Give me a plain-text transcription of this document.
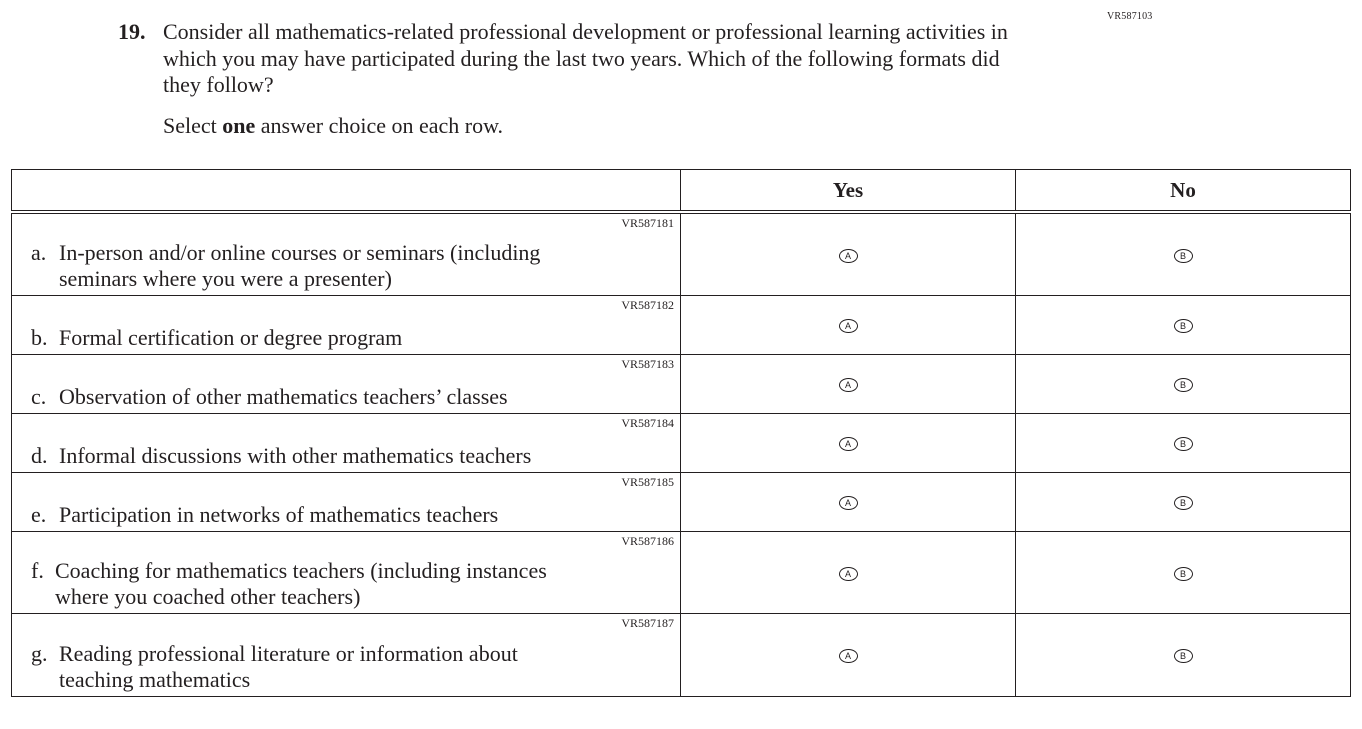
VR587103
19. Consider all mathematics-related professional development or professional learning activities in which you may have participated during the last two years. Which of the following formats did they follow?
Select one answer choice on each row.
	Yes	No

VR587181
a. In-person and/or online courses or seminars (including
seminars where you were a presenter)	A	B

VR587182
b. Formal certification or degree program	A	B

VR587183
c. Observation of other mathematics teachers’ classes	A	B

VR587184
d. Informal discussions with other mathematics teachers	A	B

VR587185
e. Participation in networks of mathematics teachers	A	B

VR587186
f. Coaching for mathematics teachers (including instances
where you coached other teachers)	A	B

VR587187
g. Reading professional literature or information about
teaching mathematics	A	B
